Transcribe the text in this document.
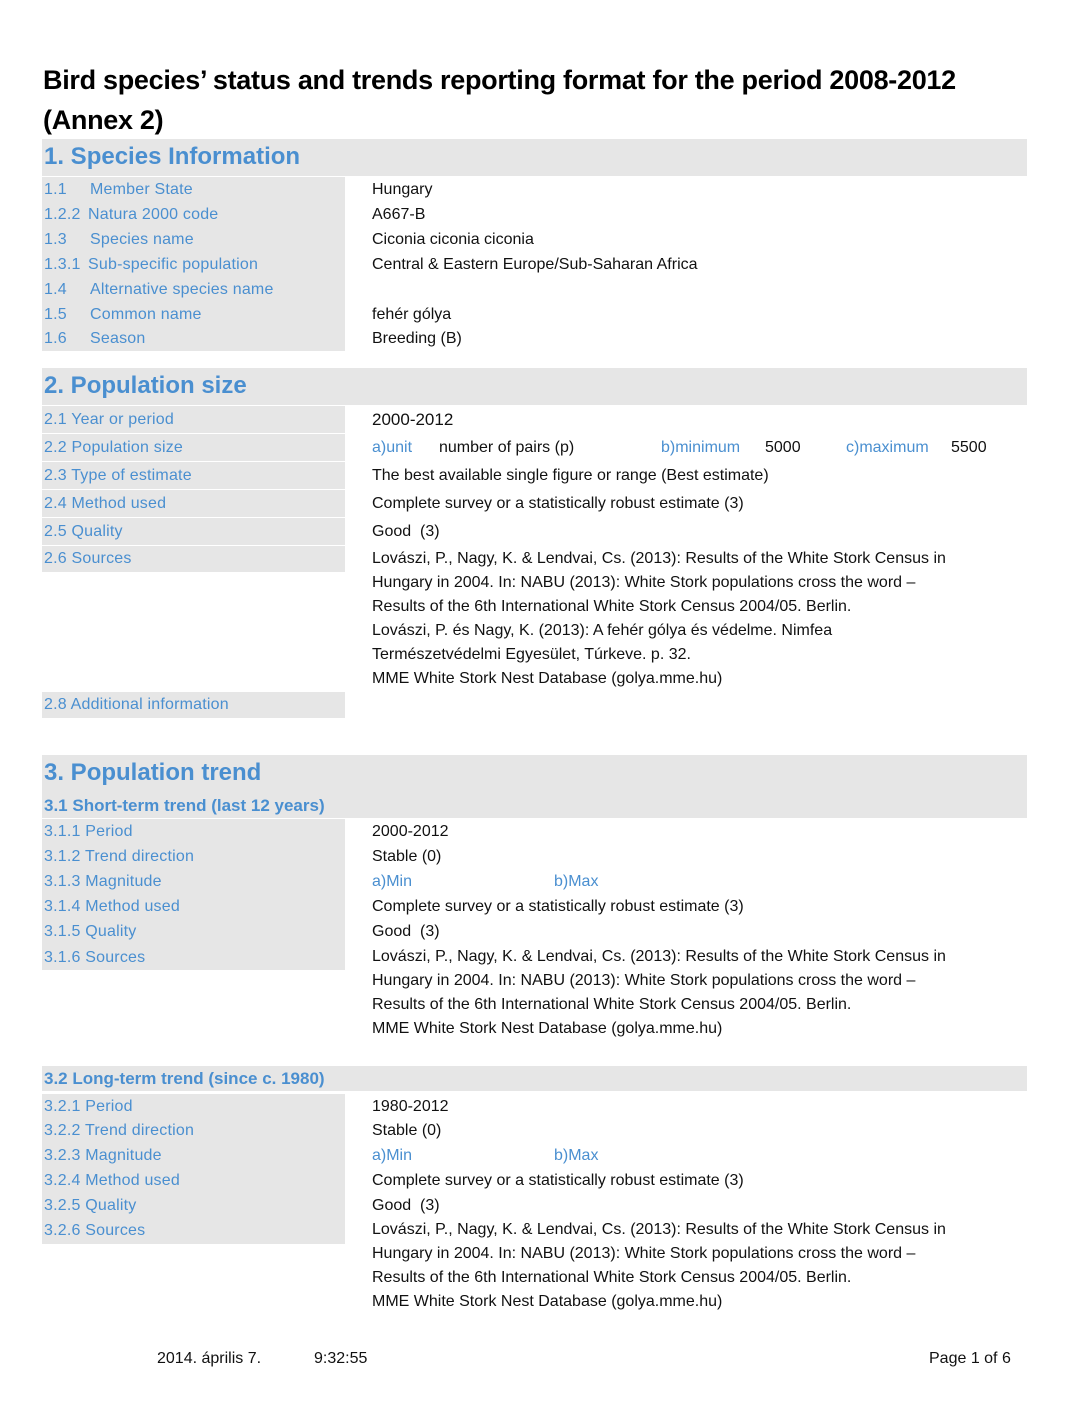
Bird species’ status and trends reporting format for the period 2008-2012 (Annex 2)
1. Species Information
1.1 Member State	Hungary
1.2.2 Natura 2000 code	A667-B
1.3 Species name	Ciconia ciconia ciconia
1.3.1 Sub-specific population	Central & Eastern Europe/Sub-Saharan Africa
1.4 Alternative species name
1.5 Common name	fehér gólya
1.6 Season	Breeding (B)
2. Population size
2.1 Year or period	2000-2012
2.2 Population size	a)unit number of pairs (p)	b)minimum 5000	c)maximum 5500
2.3 Type of estimate	The best available single figure or range (Best estimate)
2.4 Method used	Complete survey or a statistically robust estimate (3)
2.5 Quality	Good  (3)
2.6 Sources	Lovászi, P., Nagy, K. & Lendvai, Cs. (2013): Results of the White Stork Census in
Hungary in 2004. In: NABU (2013): White Stork populations cross the word –
Results of the 6th International White Stork Census 2004/05. Berlin.
Lovászi, P. és Nagy, K. (2013): A fehér gólya és védelme. Nimfea
Természetvédelmi Egyesület, Túrkeve. p. 32.
MME White Stork Nest Database (golya.mme.hu)
2.8 Additional information
3. Population trend
3.1 Short-term trend (last 12 years)
3.1.1 Period	2000-2012
3.1.2 Trend direction	Stable (0)
3.1.3 Magnitude	a)Min	b)Max
3.1.4 Method used	Complete survey or a statistically robust estimate (3)
3.1.5 Quality	Good  (3)
3.1.6 Sources	Lovászi, P., Nagy, K. & Lendvai, Cs. (2013): Results of the White Stork Census in
Hungary in 2004. In: NABU (2013): White Stork populations cross the word –
Results of the 6th International White Stork Census 2004/05. Berlin.
MME White Stork Nest Database (golya.mme.hu)
3.2 Long-term trend (since c. 1980)
3.2.1 Period	1980-2012
3.2.2 Trend direction	Stable (0)
3.2.3 Magnitude	a)Min	b)Max
3.2.4 Method used	Complete survey or a statistically robust estimate (3)
3.2.5 Quality	Good  (3)
3.2.6 Sources	Lovászi, P., Nagy, K. & Lendvai, Cs. (2013): Results of the White Stork Census in
Hungary in 2004. In: NABU (2013): White Stork populations cross the word –
Results of the 6th International White Stork Census 2004/05. Berlin.
MME White Stork Nest Database (golya.mme.hu)
2014. április 7.	9:32:55	Page 1 of 6
